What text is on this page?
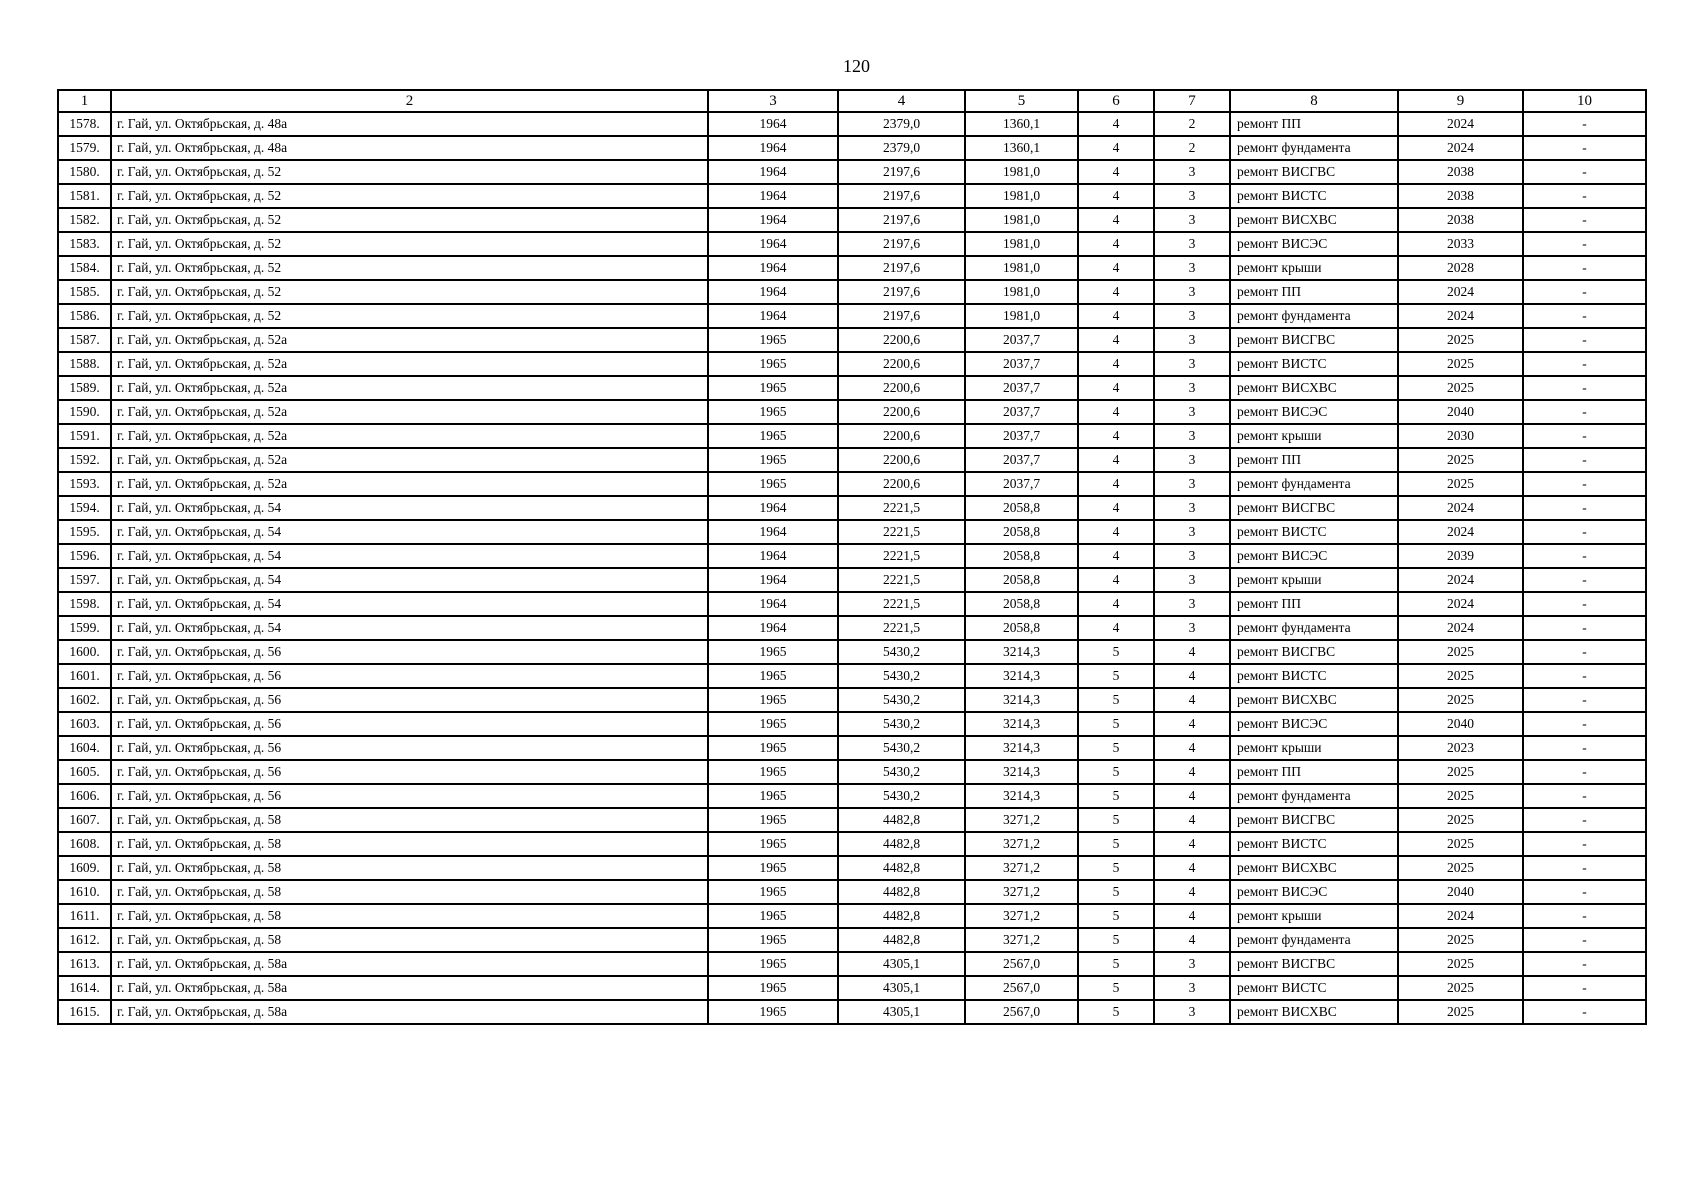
120
1	2	3	4	5	6	7	8	9	10
1578.	г. Гай, ул. Октябрьская, д. 48а	1964	2379,0	1360,1	4	2	ремонт ПП	2024	-
1579.	г. Гай, ул. Октябрьская, д. 48а	1964	2379,0	1360,1	4	2	ремонт фундамента	2024	-
1580.	г. Гай, ул. Октябрьская, д. 52	1964	2197,6	1981,0	4	3	ремонт ВИСГВС	2038	-
1581.	г. Гай, ул. Октябрьская, д. 52	1964	2197,6	1981,0	4	3	ремонт ВИСТС	2038	-
1582.	г. Гай, ул. Октябрьская, д. 52	1964	2197,6	1981,0	4	3	ремонт ВИСХВС	2038	-
1583.	г. Гай, ул. Октябрьская, д. 52	1964	2197,6	1981,0	4	3	ремонт ВИСЭС	2033	-
1584.	г. Гай, ул. Октябрьская, д. 52	1964	2197,6	1981,0	4	3	ремонт крыши	2028	-
1585.	г. Гай, ул. Октябрьская, д. 52	1964	2197,6	1981,0	4	3	ремонт ПП	2024	-
1586.	г. Гай, ул. Октябрьская, д. 52	1964	2197,6	1981,0	4	3	ремонт фундамента	2024	-
1587.	г. Гай, ул. Октябрьская, д. 52а	1965	2200,6	2037,7	4	3	ремонт ВИСГВС	2025	-
1588.	г. Гай, ул. Октябрьская, д. 52а	1965	2200,6	2037,7	4	3	ремонт ВИСТС	2025	-
1589.	г. Гай, ул. Октябрьская, д. 52а	1965	2200,6	2037,7	4	3	ремонт ВИСХВС	2025	-
1590.	г. Гай, ул. Октябрьская, д. 52а	1965	2200,6	2037,7	4	3	ремонт ВИСЭС	2040	-
1591.	г. Гай, ул. Октябрьская, д. 52а	1965	2200,6	2037,7	4	3	ремонт крыши	2030	-
1592.	г. Гай, ул. Октябрьская, д. 52а	1965	2200,6	2037,7	4	3	ремонт ПП	2025	-
1593.	г. Гай, ул. Октябрьская, д. 52а	1965	2200,6	2037,7	4	3	ремонт фундамента	2025	-
1594.	г. Гай, ул. Октябрьская, д. 54	1964	2221,5	2058,8	4	3	ремонт ВИСГВС	2024	-
1595.	г. Гай, ул. Октябрьская, д. 54	1964	2221,5	2058,8	4	3	ремонт ВИСТС	2024	-
1596.	г. Гай, ул. Октябрьская, д. 54	1964	2221,5	2058,8	4	3	ремонт ВИСЭС	2039	-
1597.	г. Гай, ул. Октябрьская, д. 54	1964	2221,5	2058,8	4	3	ремонт крыши	2024	-
1598.	г. Гай, ул. Октябрьская, д. 54	1964	2221,5	2058,8	4	3	ремонт ПП	2024	-
1599.	г. Гай, ул. Октябрьская, д. 54	1964	2221,5	2058,8	4	3	ремонт фундамента	2024	-
1600.	г. Гай, ул. Октябрьская, д. 56	1965	5430,2	3214,3	5	4	ремонт ВИСГВС	2025	-
1601.	г. Гай, ул. Октябрьская, д. 56	1965	5430,2	3214,3	5	4	ремонт ВИСТС	2025	-
1602.	г. Гай, ул. Октябрьская, д. 56	1965	5430,2	3214,3	5	4	ремонт ВИСХВС	2025	-
1603.	г. Гай, ул. Октябрьская, д. 56	1965	5430,2	3214,3	5	4	ремонт ВИСЭС	2040	-
1604.	г. Гай, ул. Октябрьская, д. 56	1965	5430,2	3214,3	5	4	ремонт крыши	2023	-
1605.	г. Гай, ул. Октябрьская, д. 56	1965	5430,2	3214,3	5	4	ремонт ПП	2025	-
1606.	г. Гай, ул. Октябрьская, д. 56	1965	5430,2	3214,3	5	4	ремонт фундамента	2025	-
1607.	г. Гай, ул. Октябрьская, д. 58	1965	4482,8	3271,2	5	4	ремонт ВИСГВС	2025	-
1608.	г. Гай, ул. Октябрьская, д. 58	1965	4482,8	3271,2	5	4	ремонт ВИСТС	2025	-
1609.	г. Гай, ул. Октябрьская, д. 58	1965	4482,8	3271,2	5	4	ремонт ВИСХВС	2025	-
1610.	г. Гай, ул. Октябрьская, д. 58	1965	4482,8	3271,2	5	4	ремонт ВИСЭС	2040	-
1611.	г. Гай, ул. Октябрьская, д. 58	1965	4482,8	3271,2	5	4	ремонт крыши	2024	-
1612.	г. Гай, ул. Октябрьская, д. 58	1965	4482,8	3271,2	5	4	ремонт фундамента	2025	-
1613.	г. Гай, ул. Октябрьская, д. 58а	1965	4305,1	2567,0	5	3	ремонт ВИСГВС	2025	-
1614.	г. Гай, ул. Октябрьская, д. 58а	1965	4305,1	2567,0	5	3	ремонт ВИСТС	2025	-
1615.	г. Гай, ул. Октябрьская, д. 58а	1965	4305,1	2567,0	5	3	ремонт ВИСХВС	2025	-
